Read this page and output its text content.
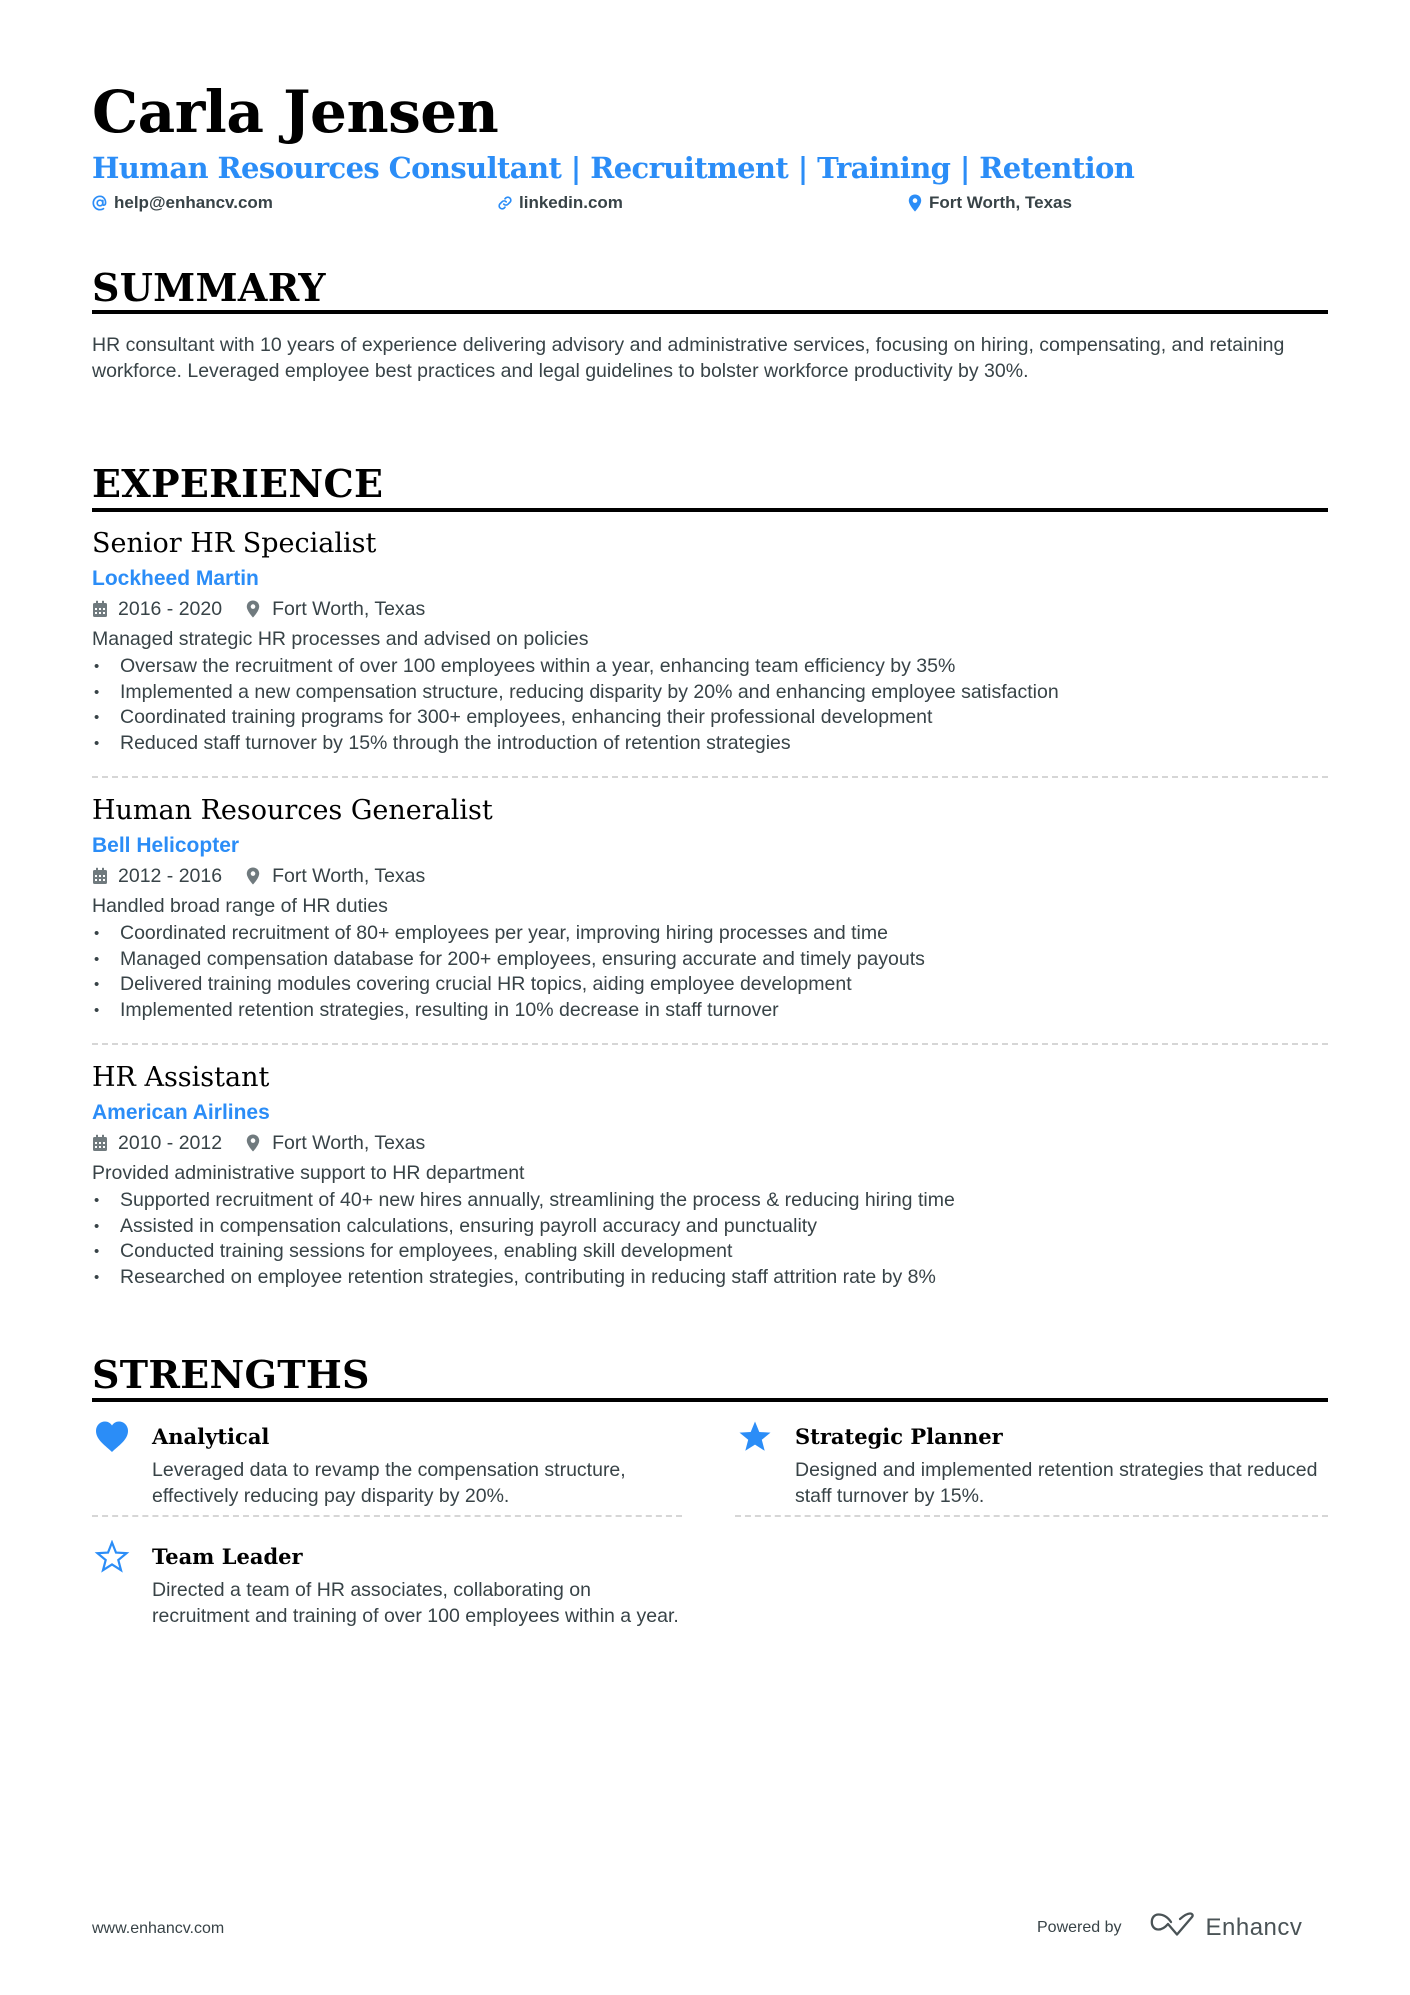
Carla Jensen
Human Resources Consultant | Recruitment | Training | Retention
help@enhancv.com	linkedin.com	Fort Worth, Texas
SUMMARY
HR consultant with 10 years of experience delivering advisory and administrative services, focusing on hiring, compensating, and retaining workforce. Leveraged employee best practices and legal guidelines to bolster workforce productivity by 30%.
EXPERIENCE
Senior HR Specialist
Lockheed Martin
2016 - 2020	Fort Worth, Texas
Managed strategic HR processes and advised on policies
• Oversaw the recruitment of over 100 employees within a year, enhancing team efficiency by 35%
• Implemented a new compensation structure, reducing disparity by 20% and enhancing employee satisfaction
• Coordinated training programs for 300+ employees, enhancing their professional development
• Reduced staff turnover by 15% through the introduction of retention strategies
Human Resources Generalist
Bell Helicopter
2012 - 2016	Fort Worth, Texas
Handled broad range of HR duties
• Coordinated recruitment of 80+ employees per year, improving hiring processes and time
• Managed compensation database for 200+ employees, ensuring accurate and timely payouts
• Delivered training modules covering crucial HR topics, aiding employee development
• Implemented retention strategies, resulting in 10% decrease in staff turnover
HR Assistant
American Airlines
2010 - 2012	Fort Worth, Texas
Provided administrative support to HR department
• Supported recruitment of 40+ new hires annually, streamlining the process & reducing hiring time
• Assisted in compensation calculations, ensuring payroll accuracy and punctuality
• Conducted training sessions for employees, enabling skill development
• Researched on employee retention strategies, contributing in reducing staff attrition rate by 8%
STRENGTHS
Analytical
Leveraged data to revamp the compensation structure, effectively reducing pay disparity by 20%.
Strategic Planner
Designed and implemented retention strategies that reduced staff turnover by 15%.
Team Leader
Directed a team of HR associates, collaborating on recruitment and training of over 100 employees within a year.
www.enhancv.com	Powered by	Enhancv
